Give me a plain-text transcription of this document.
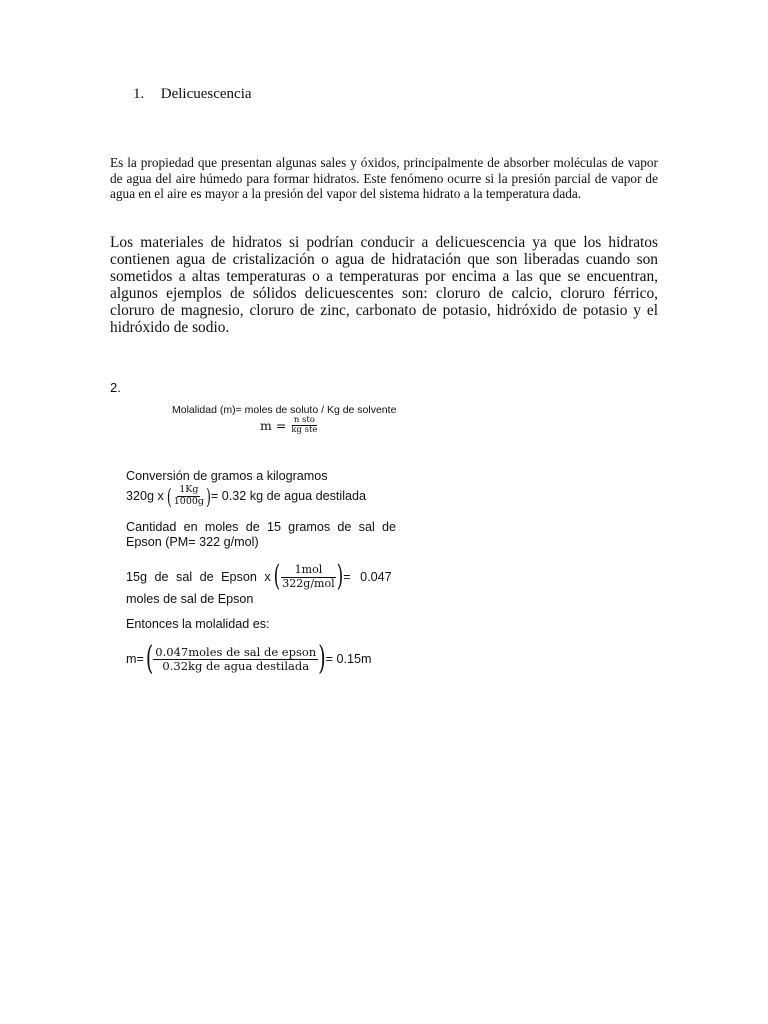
1. Delicuescencia

Es la propiedad que presentan algunas sales y óxidos, principalmente de absorber moléculas de vapor de agua del aire húmedo para formar hidratos. Este fenómeno ocurre si la presión parcial de vapor de agua en el aire es mayor a la presión del vapor del sistema hidrato a la temperatura dada.

Los materiales de hidratos si podrían conducir a delicuescencia ya que los hidratos contienen agua de cristalización o agua de hidratación que son liberadas cuando son sometidos a altas temperaturas o a temperaturas por encima a las que se encuentran, algunos ejemplos de sólidos delicuescentes son: cloruro de calcio, cloruro férrico, cloruro de magnesio, cloruro de zinc, carbonato de potasio, hidróxido de potasio y el hidróxido de sodio.

2.
Molalidad (m)= moles de soluto / Kg de solvente
$m = \frac{\text{n sto}}{\text{kg ste}}$
Conversión de gramos a kilogramos
320g x ( $\frac{1Kg}{1000g}$ ) = 0.32 kg de agua destilada
Cantidad en moles de 15 gramos de sal de Epson (PM= 322 g/mol)
15g de sal de Epson x ( $\frac{\text{1mol}}{\text{322g/mol}}$ ) = 0.047
moles de sal de Epson
Entonces la molalidad es:
m= ( $\frac{\text{0.047moles de sal de epson}}{\text{0.32kg de agua destilada}}$ ) = 0.15m
